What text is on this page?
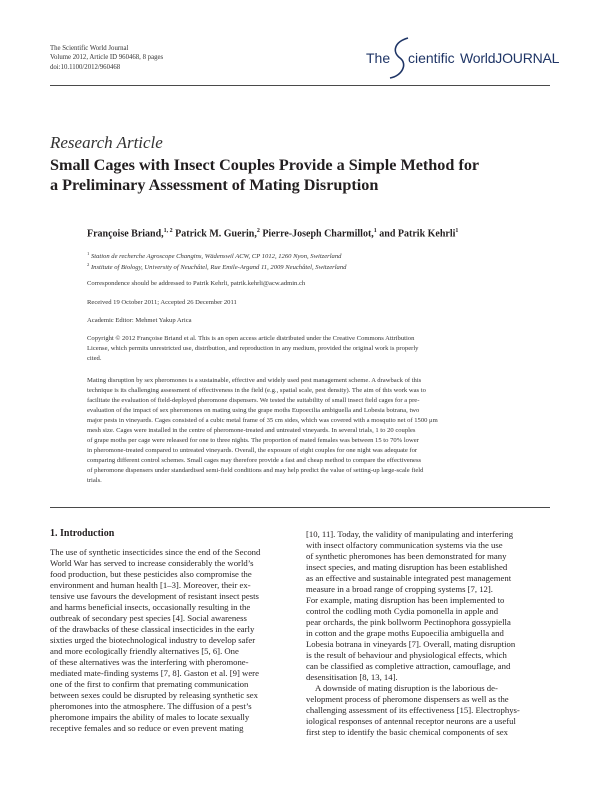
The Scientific World Journal
Volume 2012, Article ID 960468, 8 pages
doi:10.1100/2012/960468
The cientific WorldJOURNAL
Research Article
Small Cages with Insect Couples Provide a Simple Method for
a Preliminary Assessment of Mating Disruption
Françoise Briand,$^{1, 2}$ Patrick M. Guerin,$^2$ Pierre-Joseph Charmillot,$^1$ and Patrik Kehrli$^1$
$^1$ Station de recherche Agroscope Changins, Wädenswil ACW, CP 1012, 1260 Nyon, Switzerland
$^2$ Institute of Biology, University of Neuchâtel, Rue Emile-Argand 11, 2009 Neuchâtel, Switzerland
Correspondence should be addressed to Patrik Kehrli, patrik.kehrli@acw.admin.ch
Received 19 October 2011; Accepted 26 December 2011
Academic Editor: Mehmet Yakup Arica
Copyright © 2012 Françoise Briand et al. This is an open access article distributed under the Creative Commons Attribution
License, which permits unrestricted use, distribution, and reproduction in any medium, provided the original work is properly
cited.
Mating disruption by sex pheromones is a sustainable, effective and widely used pest management scheme. A drawback of this
technique is its challenging assessment of effectiveness in the field (e.g., spatial scale, pest density). The aim of this work was to
facilitate the evaluation of field-deployed pheromone dispensers. We tested the suitability of small insect field cages for a pre-
evaluation of the impact of sex pheromones on mating using the grape moths Eupoecilia ambiguella and Lobesia botrana, two
major pests in vineyards. Cages consisted of a cubic metal frame of 35 cm sides, which was covered with a mosquito net of 1500 μm
mesh size. Cages were installed in the centre of pheromone-treated and untreated vineyards. In several trials, 1 to 20 couples
of grape moths per cage were released for one to three nights. The proportion of mated females was between 15 to 70% lower
in pheromone-treated compared to untreated vineyards. Overall, the exposure of eight couples for one night was adequate for
comparing different control schemes. Small cages may therefore provide a fast and cheap method to compare the effectiveness
of pheromone dispensers under standardised semi-field conditions and may help predict the value of setting-up large-scale field
trials.
1. Introduction
The use of synthetic insecticides since the end of the Second
World War has served to increase considerably the world’s
food production, but these pesticides also compromise the
environment and human health [1–3]. Moreover, their ex-
tensive use favours the development of resistant insect pests
and harms beneficial insects, occasionally resulting in the
outbreak of secondary pest species [4]. Social awareness
of the drawbacks of these classical insecticides in the early
sixties urged the biotechnological industry to develop safer
and more ecologically friendly alternatives [5, 6]. One
of these alternatives was the interfering with pheromone-
mediated mate-finding systems [7, 8]. Gaston et al. [9] were
one of the first to confirm that premating communication
between sexes could be disrupted by releasing synthetic sex
pheromones into the atmosphere. The diffusion of a pest’s
pheromone impairs the ability of males to locate sexually
receptive females and so reduce or even prevent mating
[10, 11]. Today, the validity of manipulating and interfering
with insect olfactory communication systems via the use
of synthetic pheromones has been demonstrated for many
insect species, and mating disruption has been established
as an effective and sustainable integrated pest management
measure in a broad range of cropping systems [7, 12].
For example, mating disruption has been implemented to
control the codling moth Cydia pomonella in apple and
pear orchards, the pink bollworm Pectinophora gossypiella
in cotton and the grape moths Eupoecilia ambiguella and
Lobesia botrana in vineyards [7]. Overall, mating disruption
is the result of behaviour and physiological effects, which
can be classified as completive attraction, camouflage, and
desensitisation [8, 13, 14].
A downside of mating disruption is the laborious de-
velopment process of pheromone dispensers as well as the
challenging assessment of its effectiveness [15]. Electrophys-
iological responses of antennal receptor neurons are a useful
first step to identify the basic chemical components of sex
